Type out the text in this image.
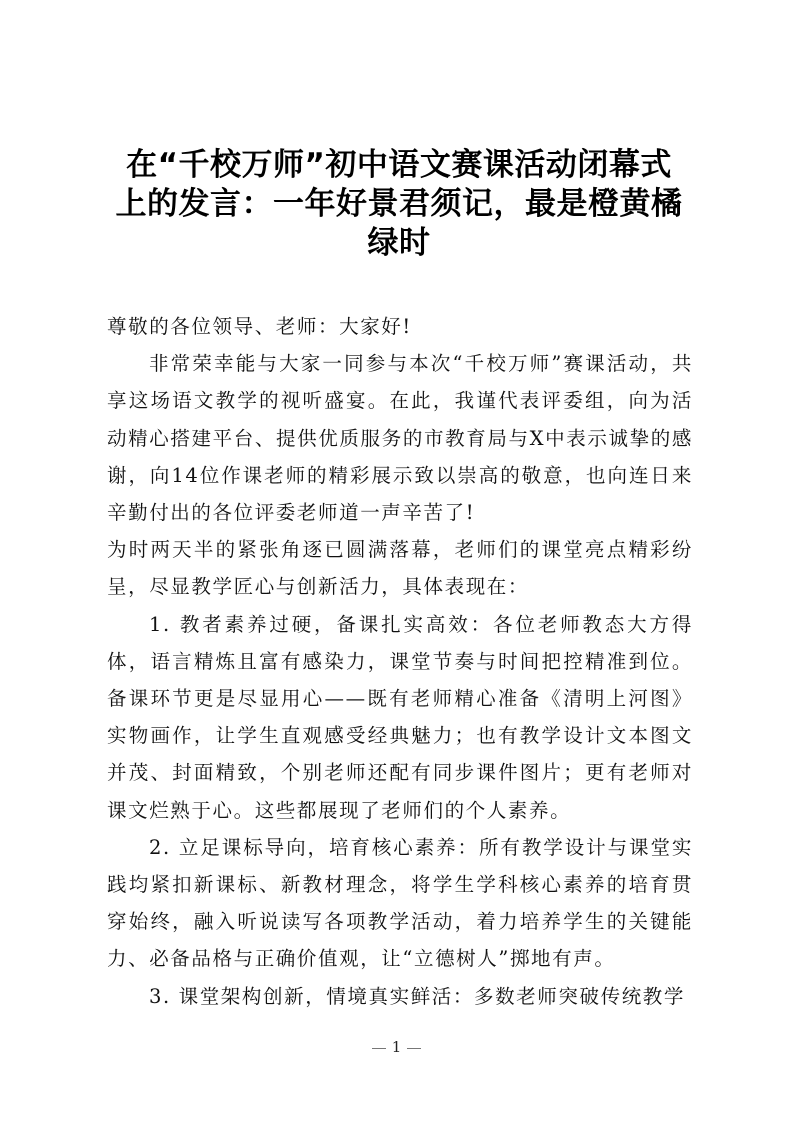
在“千校万师”初中语文赛课活动闭幕式
上的发言：一年好景君须记，最是橙黄橘
绿时

尊敬的各位领导、老师：大家好!

非常荣幸能与大家一同参与本次“千校万师”赛课活动，共享这场语文教学的视听盛宴。在此，我谨代表评委组，向为活动精心搭建平台、提供优质服务的市教育局与X中表示诚挚的感谢，向14位作课老师的精彩展示致以崇高的敬意，也向连日来辛勤付出的各位评委老师道一声辛苦了!

为时两天半的紧张角逐已圆满落幕，老师们的课堂亮点精彩纷呈，尽显教学匠心与创新活力，具体表现在：

1. 教者素养过硬，备课扎实高效：各位老师教态大方得体，语言精炼且富有感染力，课堂节奏与时间把控精准到位。备课环节更是尽显用心——既有老师精心准备《清明上河图》实物画作，让学生直观感受经典魅力；也有教学设计文本图文并茂、封面精致，个别老师还配有同步课件图片；更有老师对课文烂熟于心。这些都展现了老师们的个人素养。

2. 立足课标导向，培育核心素养：所有教学设计与课堂实践均紧扣新课标、新教材理念，将学生学科核心素养的培育贯穿始终，融入听说读写各项教学活动，着力培养学生的关键能力、必备品格与正确价值观，让“立德树人”掷地有声。

3. 课堂架构创新，情境真实鲜活：多数老师突破传统教学

1
